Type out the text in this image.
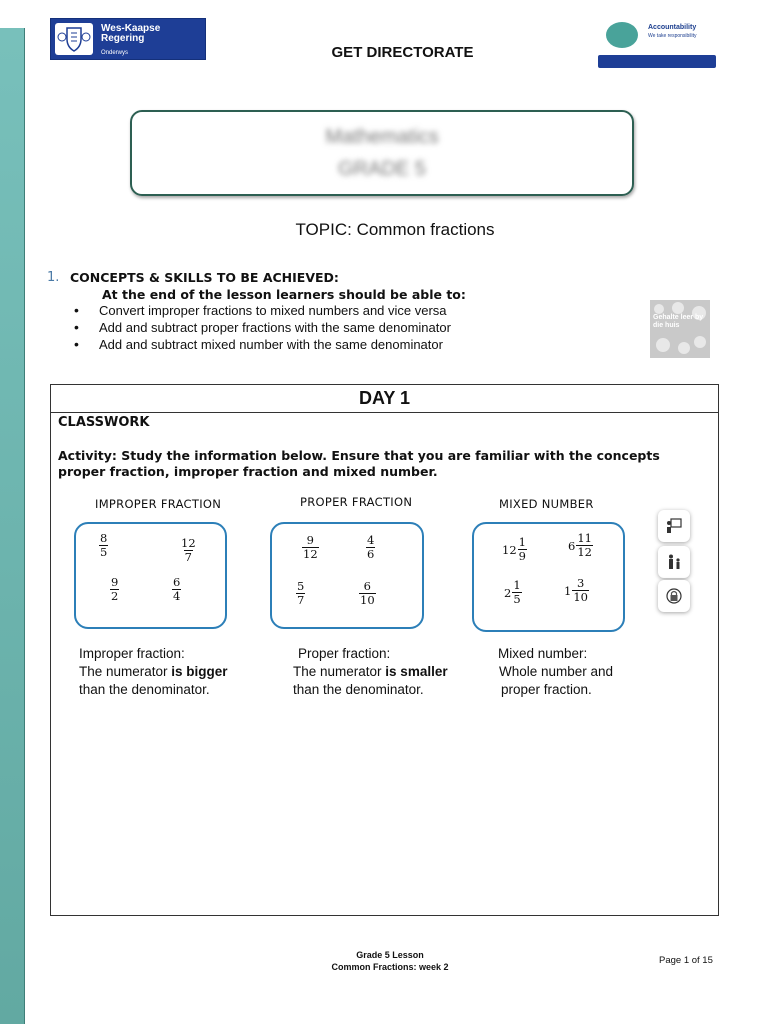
Wes-Kaapse
Regering
Onderwys	GET DIRECTORATE
Accountability
We take responsibility
Mathematics
GRADE 5
TOPIC: Common fractions
1. CONCEPTS & SKILLS TO BE ACHIEVED:
At the end of the lesson learners should be able to:
• Convert improper fractions to mixed numbers and vice versa
• Add and subtract proper fractions with the same denominator
• Add and subtract mixed number with the same denominator
Gehalte leer by die huis
DAY 1
CLASSWORK
Activity: Study the information below. Ensure that you are familiar with the concepts proper fraction, improper fraction and mixed number.
IMPROPER FRACTION	PROPER FRACTION	MIXED NUMBER
$\frac{8}{5}$	$\frac{12}{7}$
$\frac{9}{2}$	$\frac{6}{4}$
$\frac{9}{12}$	$\frac{4}{6}$
$\frac{5}{7}$	$\frac{6}{10}$
$12 \frac{1}{9}$	$6 \frac{11}{12}$
$2 \frac{1}{5}$	$1 \frac{3}{10}$
Improper fraction:
The numerator is bigger
than the denominator.
Proper fraction:
The numerator is smaller
than the denominator.
Mixed number:
Whole number and
proper fraction.
Grade 5 Lesson
Common Fractions: week 2
Page 1 of 15
